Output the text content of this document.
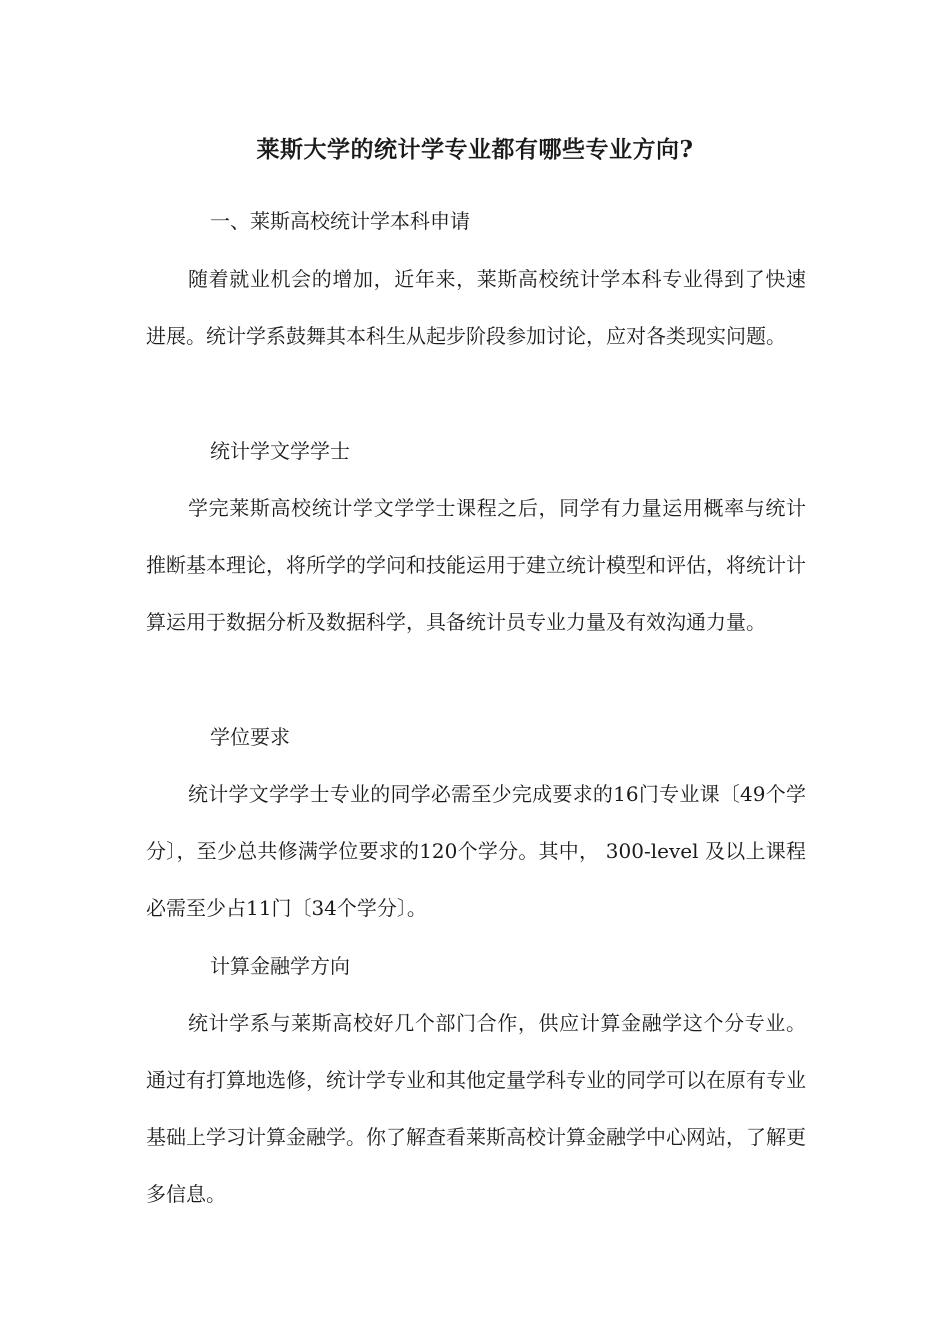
莱斯大学的统计学专业都有哪些专业方向?

一、莱斯高校统计学本科申请

随着就业机会的增加，近年来，莱斯高校统计学本科专业得到了快速进展。统计学系鼓舞其本科生从起步阶段参加讨论，应对各类现实问题。

统计学文学学士

学完莱斯高校统计学文学学士课程之后，同学有力量运用概率与统计推断基本理论，将所学的学问和技能运用于建立统计模型和评估，将统计计算运用于数据分析及数据科学，具备统计员专业力量及有效沟通力量。

学位要求

统计学文学学士专业的同学必需至少完成要求的16门专业课〔49个学分〕，至少总共修满学位要求的120个学分。其中， 300-level 及以上课程必需至少占11门〔34个学分〕。

计算金融学方向

统计学系与莱斯高校好几个部门合作，供应计算金融学这个分专业。通过有打算地选修，统计学专业和其他定量学科专业的同学可以在原有专业基础上学习计算金融学。你了解查看莱斯高校计算金融学中心网站，了解更多信息。
